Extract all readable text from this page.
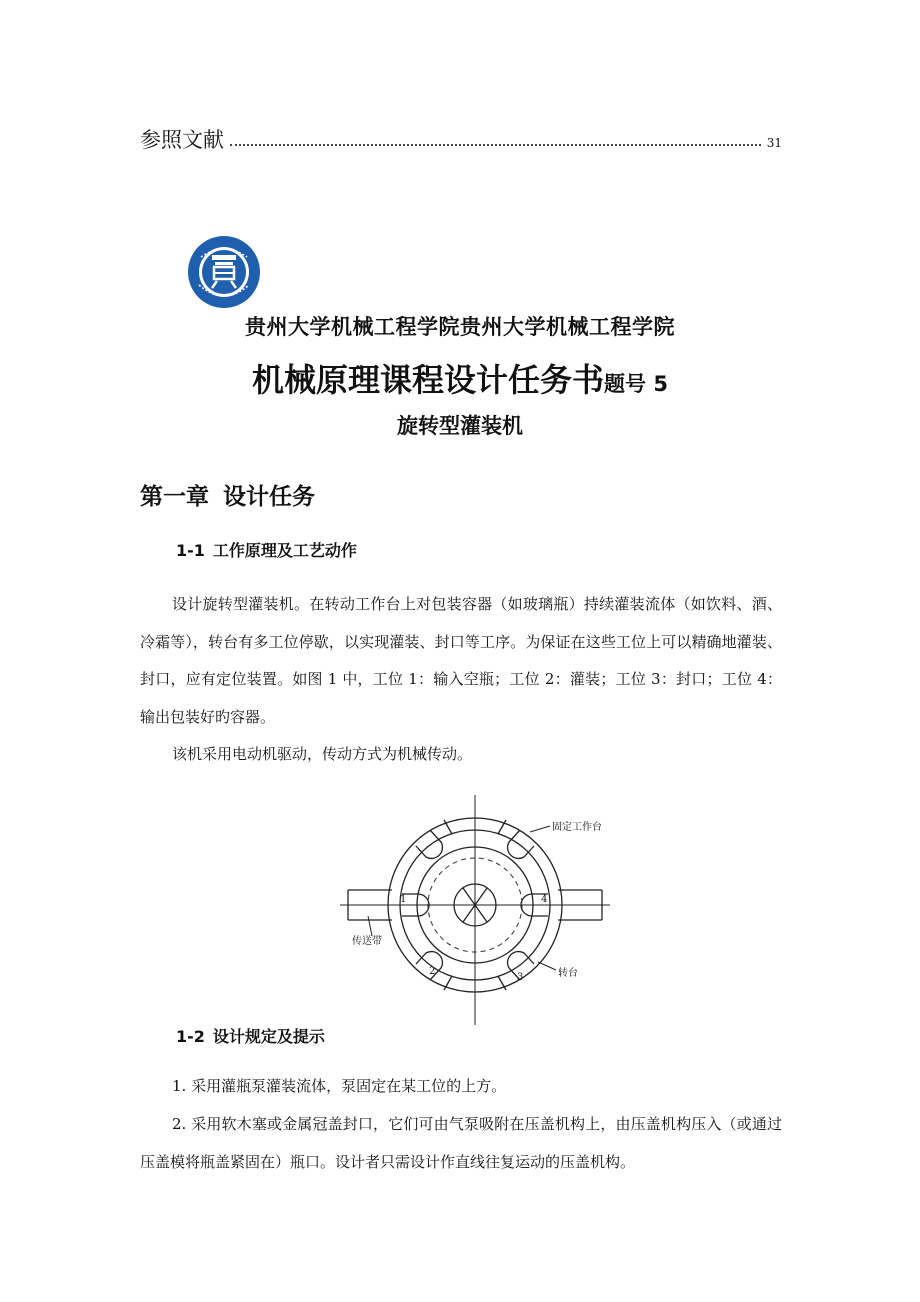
参照文献	31
贵州大学机械工程学院贵州大学机械工程学院
机械原理课程设计任务书题号 5
旋转型灌装机
第一章 设计任务
1-1 工作原理及工艺动作
设计旋转型灌装机。在转动工作台上对包装容器（如玻璃瓶）持续灌装流体（如饮料、酒、冷霜等），转台有多工位停歇，以实现灌装、封口等工序。为保证在这些工位上可以精确地灌装、封口，应有定位装置。如图 1 中，工位 1：输入空瓶；工位 2：灌装；工位 3：封口；工位 4：输出包装好旳容器。
该机采用电动机驱动，传动方式为机械传动。
固定工作台
传送带
转台
1
2
3
4
1-2 设计规定及提示
1. 采用灌瓶泵灌装流体，泵固定在某工位的上方。
2. 采用软木塞或金属冠盖封口，它们可由气泵吸附在压盖机构上，由压盖机构压入（或通过压盖模将瓶盖紧固在）瓶口。设计者只需设计作直线往复运动的压盖机构。
